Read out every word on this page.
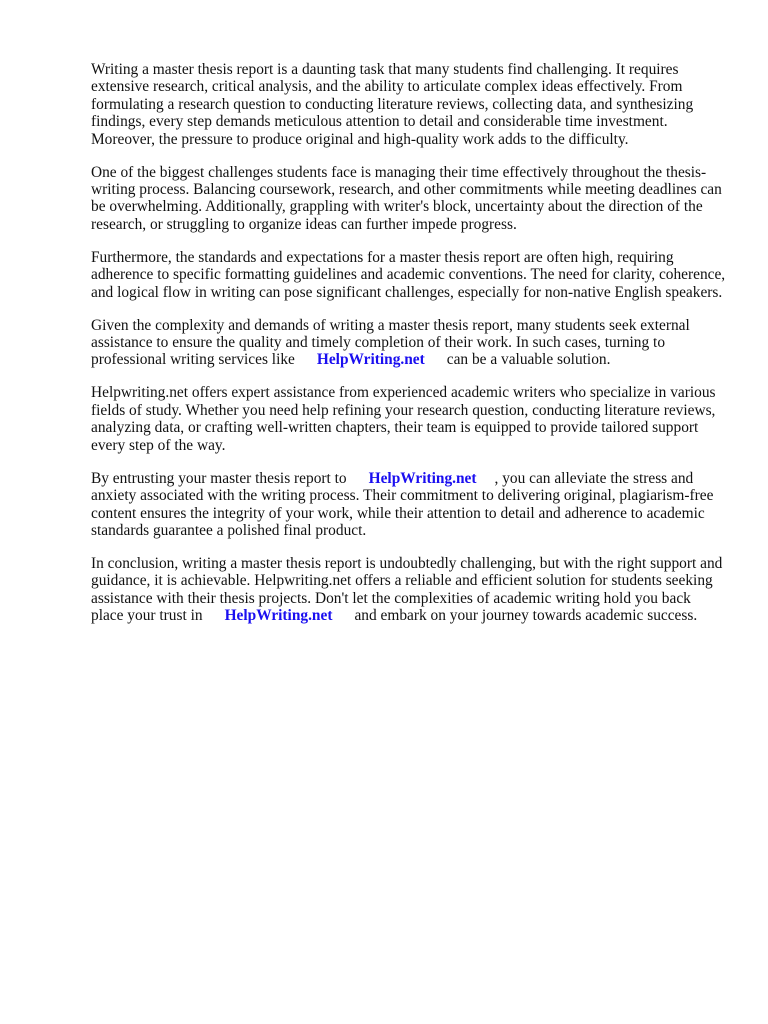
Writing a master thesis report is a daunting task that many students find challenging. It requires extensive research, critical analysis, and the ability to articulate complex ideas effectively. From formulating a research question to conducting literature reviews, collecting data, and synthesizing findings, every step demands meticulous attention to detail and considerable time investment. Moreover, the pressure to produce original and high-quality work adds to the difficulty.

One of the biggest challenges students face is managing their time effectively throughout the thesis-writing process. Balancing coursework, research, and other commitments while meeting deadlines can be overwhelming. Additionally, grappling with writer's block, uncertainty about the direction of the research, or struggling to organize ideas can further impede progress.

Furthermore, the standards and expectations for a master thesis report are often high, requiring adherence to specific formatting guidelines and academic conventions. The need for clarity, coherence, and logical flow in writing can pose significant challenges, especially for non-native English speakers.

Given the complexity and demands of writing a master thesis report, many students seek external assistance to ensure the quality and timely completion of their work. In such cases, turning to professional writing services like HelpWriting.net can be a valuable solution.

Helpwriting.net offers expert assistance from experienced academic writers who specialize in various fields of study. Whether you need help refining your research question, conducting literature reviews, analyzing data, or crafting well-written chapters, their team is equipped to provide tailored support every step of the way.

By entrusting your master thesis report to HelpWriting.net , you can alleviate the stress and anxiety associated with the writing process. Their commitment to delivering original, plagiarism-free content ensures the integrity of your work, while their attention to detail and adherence to academic standards guarantee a polished final product.

In conclusion, writing a master thesis report is undoubtedly challenging, but with the right support and guidance, it is achievable. Helpwriting.net offers a reliable and efficient solution for students seeking assistance with their thesis projects. Don't let the complexities of academic writing hold you backplace your trust in HelpWriting.net and embark on your journey towards academic success.
